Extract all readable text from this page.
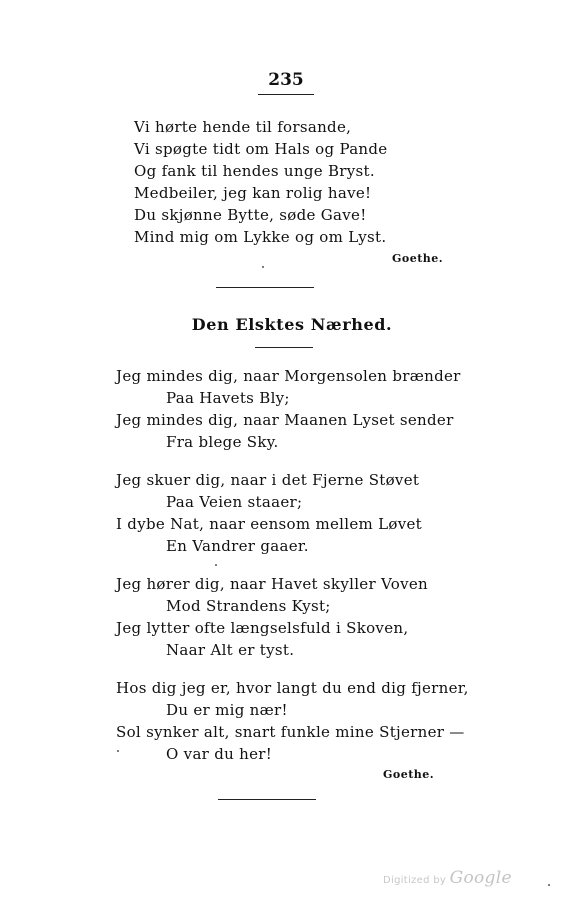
235
Vi hørte hende til forsande,
Vi spøgte tidt om Hals og Pande
Og fank til hendes unge Bryst.
Medbeiler, jeg kan rolig have!
Du skjønne Bytte, søde Gave!
Mind mig om Lykke og om Lyst.
Goethe.
Den Elsktes Nærhed.
Jeg mindes dig, naar Morgensolen brænder
Paa Havets Bly;
Jeg mindes dig, naar Maanen Lyset sender
Fra blege Sky.
Jeg skuer dig, naar i det Fjerne Støvet
Paa Veien staaer;
I dybe Nat, naar eensom mellem Løvet
En Vandrer gaaer.
Jeg hører dig, naar Havet skyller Voven
Mod Strandens Kyst;
Jeg lytter ofte længselsfuld i Skoven,
Naar Alt er tyst.
Hos dig jeg er, hvor langt du end dig fjerner,
Du er mig nær!
Sol synker alt, snart funkle mine Stjerner —
O var du her!
Goethe.
Digitized by Google
